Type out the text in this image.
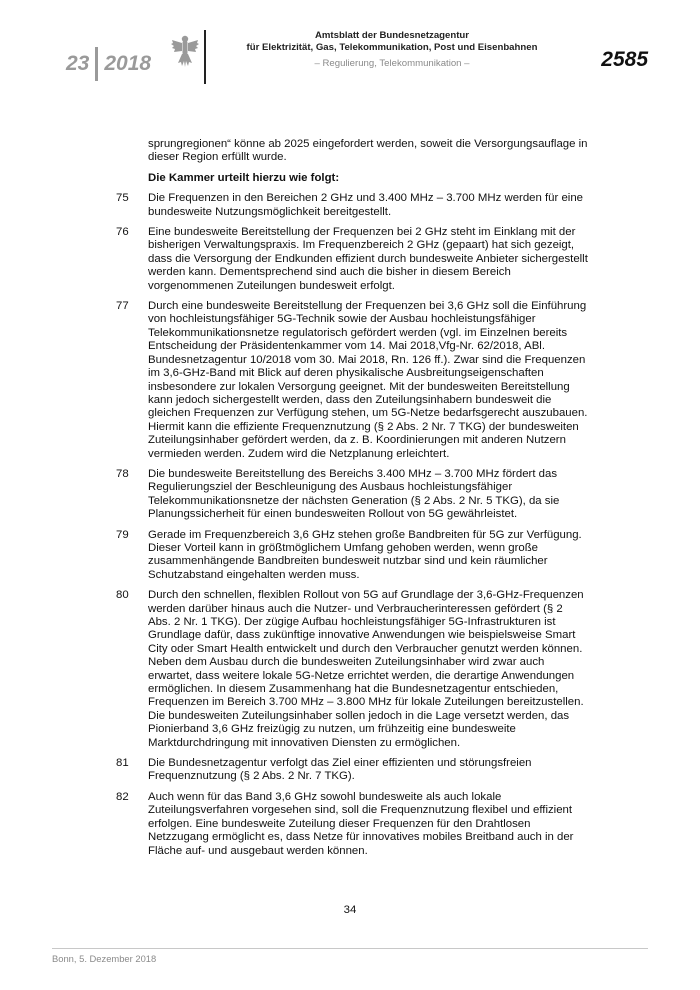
23 2018
Amtsblatt der Bundesnetzagentur
für Elektrizität, Gas, Telekommunikation, Post und Eisenbahnen
– Regulierung, Telekommunikation –	2585
sprungregionen“ könne ab 2025 eingefordert werden, soweit die Versorgungsauflage in dieser Region erfüllt wurde.
Die Kammer urteilt hierzu wie folgt:
75	Die Frequenzen in den Bereichen 2 GHz und 3.400 MHz – 3.700 MHz werden für eine bundesweite Nutzungsmöglichkeit bereitgestellt.
76	Eine bundesweite Bereitstellung der Frequenzen bei 2 GHz steht im Einklang mit der bisherigen Verwaltungspraxis. Im Frequenzbereich 2 GHz (gepaart) hat sich gezeigt, dass die Versorgung der Endkunden effizient durch bundesweite Anbieter sichergestellt werden kann. Dementsprechend sind auch die bisher in diesem Bereich vorgenommenen Zuteilungen bundesweit erfolgt.
77	Durch eine bundesweite Bereitstellung der Frequenzen bei 3,6 GHz soll die Einführung von hochleistungsfähiger 5G-Technik sowie der Ausbau hochleistungsfähiger Telekommunikationsnetze regulatorisch gefördert werden (vgl. im Einzelnen bereits Entscheidung der Präsidentenkammer vom 14. Mai 2018,Vfg-Nr. 62/2018, ABl. Bundesnetzagentur 10/2018 vom 30. Mai 2018, Rn. 126 ff.). Zwar sind die Frequenzen im 3,6-GHz-Band mit Blick auf deren physikalische Ausbreitungseigenschaften insbesondere zur lokalen Versorgung geeignet. Mit der bundesweiten Bereitstellung kann jedoch sichergestellt werden, dass den Zuteilungsinhabern bundesweit die gleichen Frequenzen zur Verfügung stehen, um 5G-Netze bedarfsgerecht auszubauen. Hiermit kann die effiziente Frequenznutzung (§ 2 Abs. 2 Nr. 7 TKG) der bundesweiten Zuteilungsinhaber gefördert werden, da z. B. Koordinierungen mit anderen Nutzern vermieden werden. Zudem wird die Netzplanung erleichtert.
78	Die bundesweite Bereitstellung des Bereichs 3.400 MHz – 3.700 MHz fördert das Regulierungsziel der Beschleunigung des Ausbaus hochleistungsfähiger Telekommunikationsnetze der nächsten Generation (§ 2 Abs. 2 Nr. 5 TKG), da sie Planungssicherheit für einen bundesweiten Rollout von 5G gewährleistet.
79	Gerade im Frequenzbereich 3,6 GHz stehen große Bandbreiten für 5G zur Verfügung. Dieser Vorteil kann in größtmöglichem Umfang gehoben werden, wenn große zusammenhängende Bandbreiten bundesweit nutzbar sind und kein räumlicher Schutzabstand eingehalten werden muss.
80	Durch den schnellen, flexiblen Rollout von 5G auf Grundlage der 3,6-GHz-Frequenzen werden darüber hinaus auch die Nutzer- und Verbraucherinteressen gefördert (§ 2 Abs. 2 Nr. 1 TKG). Der zügige Aufbau hochleistungsfähiger 5G-Infrastrukturen ist Grundlage dafür, dass zukünftige innovative Anwendungen wie beispielsweise Smart City oder Smart Health entwickelt und durch den Verbraucher genutzt werden können. Neben dem Ausbau durch die bundesweiten Zuteilungsinhaber wird zwar auch erwartet, dass weitere lokale 5G-Netze errichtet werden, die derartige Anwendungen ermöglichen. In diesem Zusammenhang hat die Bundesnetzagentur entschieden, Frequenzen im Bereich 3.700 MHz – 3.800 MHz für lokale Zuteilungen bereitzustellen. Die bundesweiten Zuteilungsinhaber sollen jedoch in die Lage versetzt werden, das Pionierband 3,6 GHz freizügig zu nutzen, um frühzeitig eine bundesweite Marktdurchdringung mit innovativen Diensten zu ermöglichen.
81	Die Bundesnetzagentur verfolgt das Ziel einer effizienten und störungsfreien Frequenznutzung (§ 2 Abs. 2 Nr. 7 TKG).
82	Auch wenn für das Band 3,6 GHz sowohl bundesweite als auch lokale Zuteilungsverfahren vorgesehen sind, soll die Frequenznutzung flexibel und effizient erfolgen. Eine bundesweite Zuteilung dieser Frequenzen für den Drahtlosen Netzzugang ermöglicht es, dass Netze für innovatives mobiles Breitband auch in der Fläche auf- und ausgebaut werden können.
34
Bonn, 5. Dezember 2018
